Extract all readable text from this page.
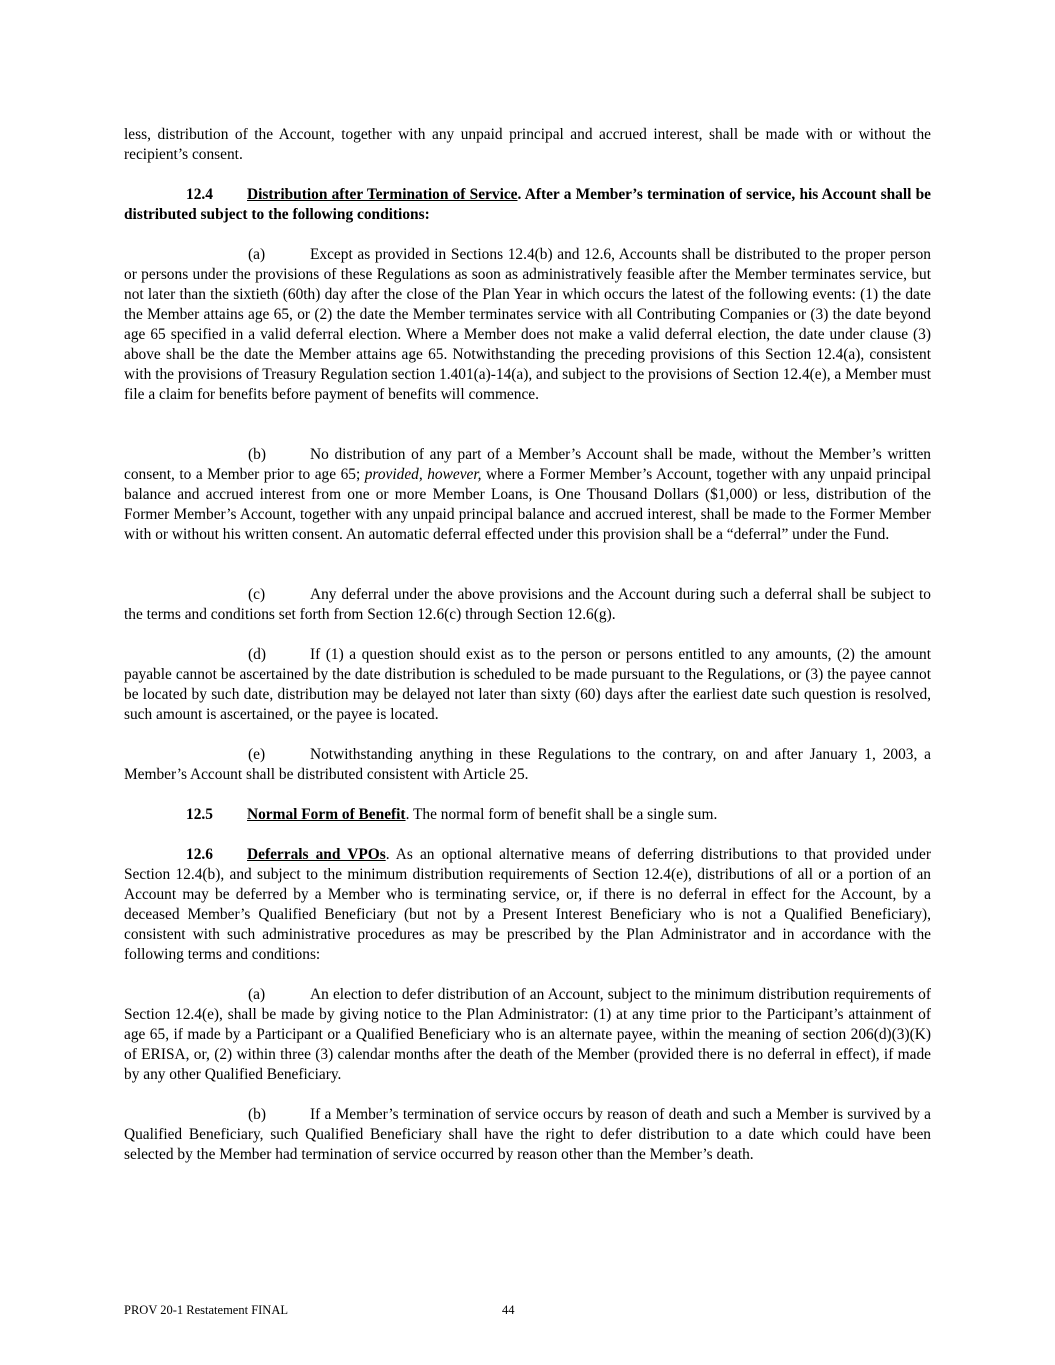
less, distribution of the Account, together with any unpaid principal and accrued interest, shall be made with or without the recipient’s consent.

12.4 Distribution after Termination of Service. After a Member’s termination of service, his Account shall be distributed subject to the following conditions:

(a)	Except as provided in Sections 12.4(b) and 12.6, Accounts shall be distributed to the proper person or persons under the provisions of these Regulations as soon as administratively feasible after the Member terminates service, but not later than the sixtieth (60th) day after the close of the Plan Year in which occurs the latest of the following events: (1) the date the Member attains age 65, or (2) the date the Member terminates service with all Contributing Companies or (3) the date beyond age 65 specified in a valid deferral election. Where a Member does not make a valid deferral election, the date under clause (3) above shall be the date the Member attains age 65. Notwithstanding the preceding provisions of this Section 12.4(a), consistent with the provisions of Treasury Regulation section 1.401(a)-14(a), and subject to the provisions of Section 12.4(e), a Member must file a claim for benefits before payment of benefits will commence.

(b)	No distribution of any part of a Member’s Account shall be made, without the Member’s written consent, to a Member prior to age 65; provided, however, where a Former Member’s Account, together with any unpaid principal balance and accrued interest from one or more Member Loans, is One Thousand Dollars ($1,000) or less, distribution of the Former Member’s Account, together with any unpaid principal balance and accrued interest, shall be made to the Former Member with or without his written consent. An automatic deferral effected under this provision shall be a “deferral” under the Fund.

(c)	Any deferral under the above provisions and the Account during such a deferral shall be subject to the terms and conditions set forth from Section 12.6(c) through Section 12.6(g).

(d)	If (1) a question should exist as to the person or persons entitled to any amounts, (2) the amount payable cannot be ascertained by the date distribution is scheduled to be made pursuant to the Regulations, or (3) the payee cannot be located by such date, distribution may be delayed not later than sixty (60) days after the earliest date such question is resolved, such amount is ascertained, or the payee is located.

(e)	Notwithstanding anything in these Regulations to the contrary, on and after January 1, 2003, a Member’s Account shall be distributed consistent with Article 25.

12.5 Normal Form of Benefit. The normal form of benefit shall be a single sum.

12.6 Deferrals and VPOs. As an optional alternative means of deferring distributions to that provided under Section 12.4(b), and subject to the minimum distribution requirements of Section 12.4(e), distributions of all or a portion of an Account may be deferred by a Member who is terminating service, or, if there is no deferral in effect for the Account, by a deceased Member’s Qualified Beneficiary (but not by a Present Interest Beneficiary who is not a Qualified Beneficiary), consistent with such administrative procedures as may be prescribed by the Plan Administrator and in accordance with the following terms and conditions:

(a)	An election to defer distribution of an Account, subject to the minimum distribution requirements of Section 12.4(e), shall be made by giving notice to the Plan Administrator: (1) at any time prior to the Participant’s attainment of age 65, if made by a Participant or a Qualified Beneficiary who is an alternate payee, within the meaning of section 206(d)(3)(K) of ERISA, or, (2) within three (3) calendar months after the death of the Member (provided there is no deferral in effect), if made by any other Qualified Beneficiary.

(b)	If a Member’s termination of service occurs by reason of death and such a Member is survived by a Qualified Beneficiary, such Qualified Beneficiary shall have the right to defer distribution to a date which could have been selected by the Member had termination of service occurred by reason other than the Member’s death.

PROV 20-1 Restatement FINAL	44
